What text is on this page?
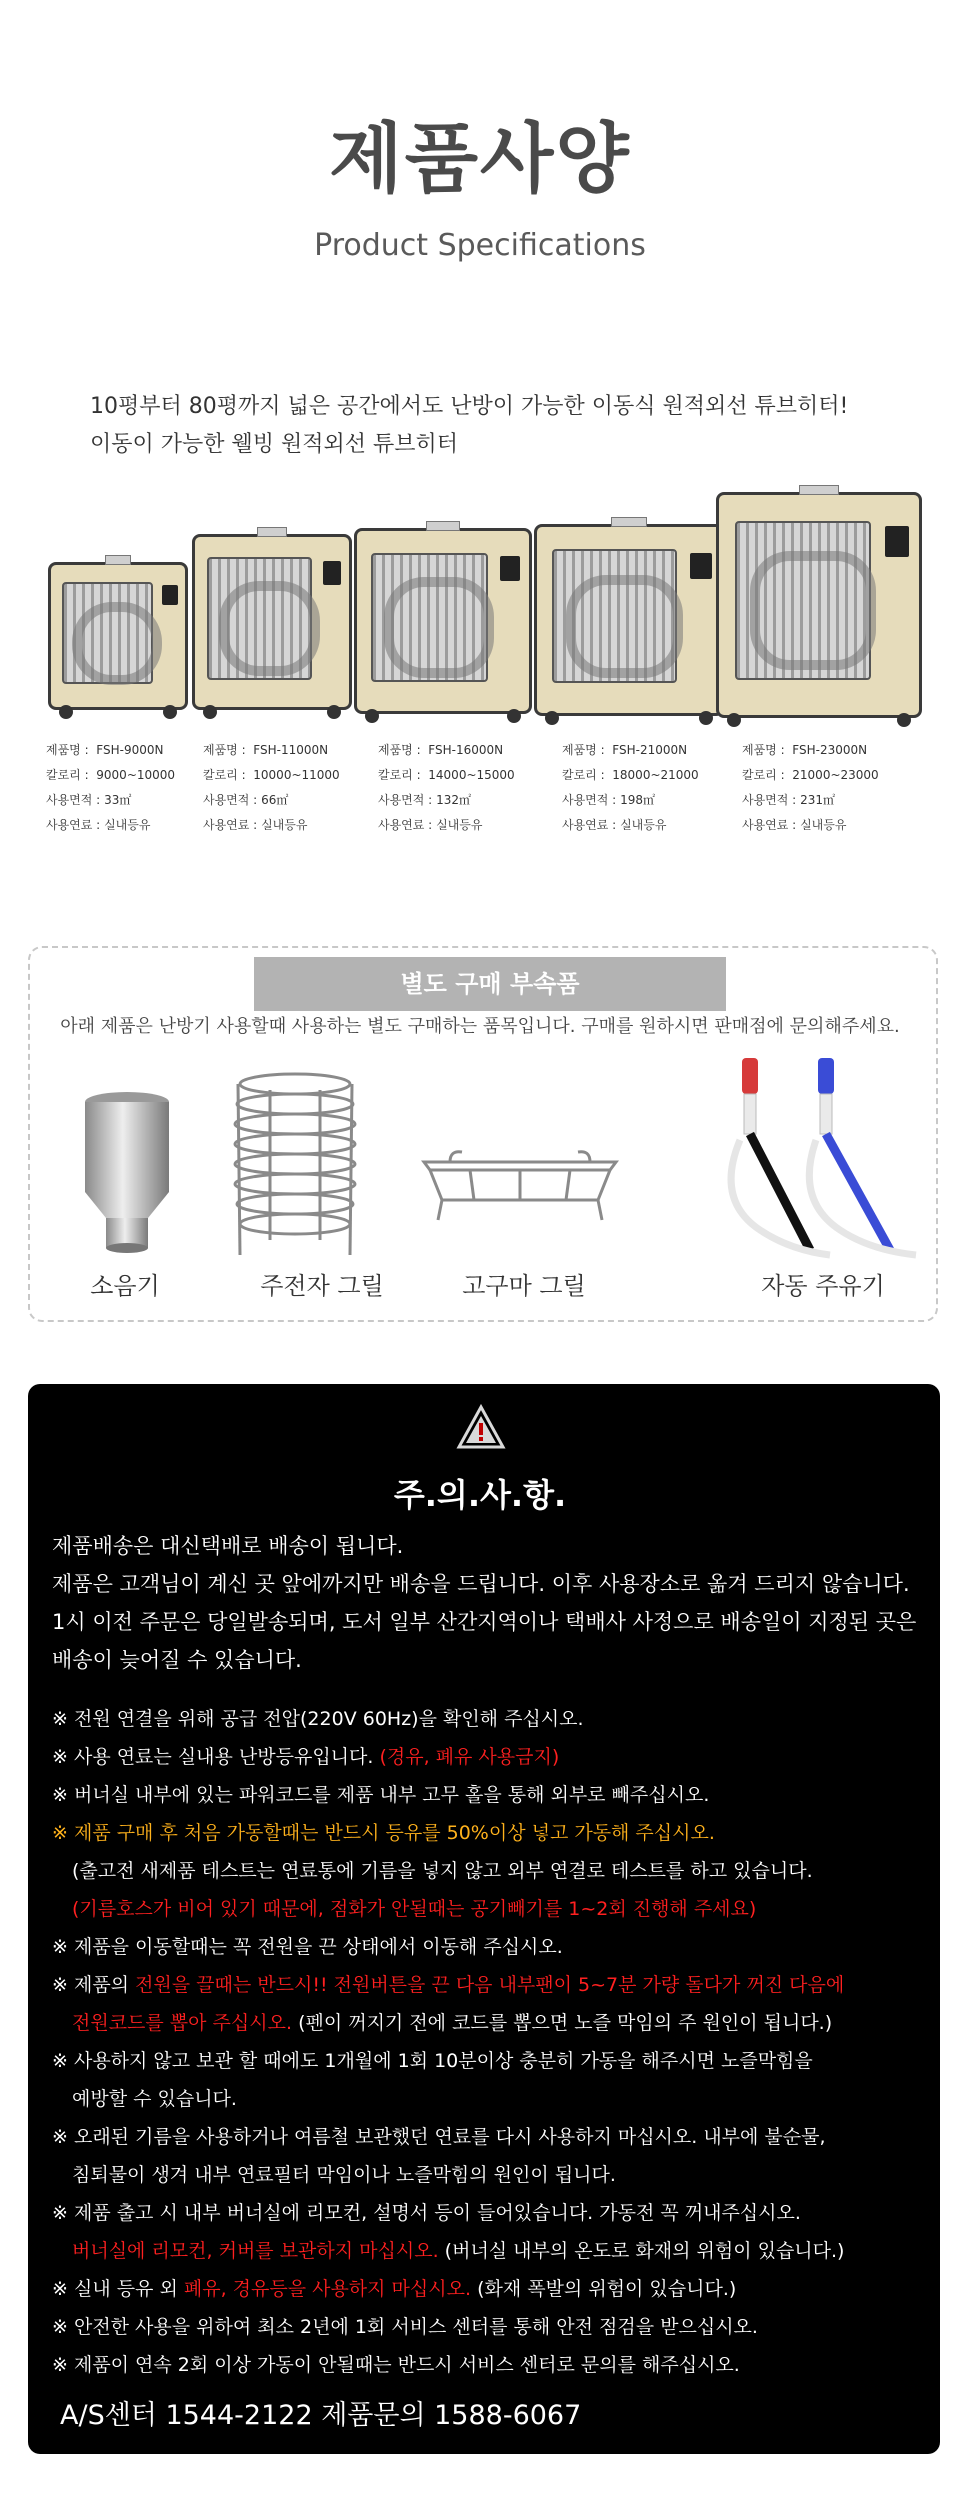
제품사양
Product Specifications
10평부터 80평까지 넓은 공간에서도 난방이 가능한 이동식 원적외선 튜브히터!
이동이 가능한 웰빙 원적외선 튜브히터
제품명 : FSH-9000N
칼로리 : 9000~10000
사용면적 : 33㎡
사용연료 : 실내등유
제품명 : FSH-11000N
칼로리 : 10000~11000
사용면적 : 66㎡
사용연료 : 실내등유
제품명 : FSH-16000N
칼로리 : 14000~15000
사용면적 : 132㎡
사용연료 : 실내등유
제품명 : FSH-21000N
칼로리 : 18000~21000
사용면적 : 198㎡
사용연료 : 실내등유
제품명 : FSH-23000N
칼로리 : 21000~23000
사용면적 : 231㎡
사용연료 : 실내등유
별도 구매 부속품
아래 제품은 난방기 사용할때 사용하는 별도 구매하는 품목입니다. 구매를 원하시면 판매점에 문의해주세요.
소음기	주전자 그릴	고구마 그릴	자동 주유기
주.의.사.항.
제품배송은 대신택배로 배송이 됩니다.
제품은 고객님이 계신 곳 앞에까지만 배송을 드립니다. 이후 사용장소로 옮겨 드리지 않습니다.
1시 이전 주문은 당일발송되며, 도서 일부 산간지역이나 택배사 사정으로 배송일이 지정된 곳은
배송이 늦어질 수 있습니다.
※ 전원 연결을 위해 공급 전압(220V 60Hz)을 확인해 주십시오.
※ 사용 연료는 실내용 난방등유입니다. (경유, 폐유 사용금지)
※ 버너실 내부에 있는 파워코드를 제품 내부 고무 홀을 통해 외부로 빼주십시오.
※ 제품 구매 후 처음 가동할때는 반드시 등유를 50%이상 넣고 가동해 주십시오.
(출고전 새제품 테스트는 연료통에 기름을 넣지 않고 외부 연결로 테스트를 하고 있습니다.
(기름호스가 비어 있기 때문에, 점화가 안될때는 공기빼기를 1~2회 진행해 주세요)
※ 제품을 이동할때는 꼭 전원을 끈 상태에서 이동해 주십시오.
※ 제품의 전원을 끌때는 반드시!! 전원버튼을 끈 다음 내부팬이 5~7분 가량 돌다가 꺼진 다음에
전원코드를 뽑아 주십시오. (펜이 꺼지기 전에 코드를 뽑으면 노즐 막임의 주 원인이 됩니다.)
※ 사용하지 않고 보관 할 때에도 1개월에 1회 10분이상 충분히 가동을 해주시면 노즐막힘을
예방할 수 있습니다.
※ 오래된 기름을 사용하거나 여름철 보관했던 연료를 다시 사용하지 마십시오. 내부에 불순물,
침퇴물이 생겨 내부 연료필터 막임이나 노즐막힘의 원인이 됩니다.
※ 제품 출고 시 내부 버너실에 리모컨, 설명서 등이 들어있습니다. 가동전 꼭 꺼내주십시오.
버너실에 리모컨, 커버를 보관하지 마십시오. (버너실 내부의 온도로 화재의 위험이 있습니다.)
※ 실내 등유 외 폐유, 경유등을 사용하지 마십시오. (화재 폭발의 위험이 있습니다.)
※ 안전한 사용을 위하여 최소 2년에 1회 서비스 센터를 통해 안전 점검을 받으십시오.
※ 제품이 연속 2회 이상 가동이 안될때는 반드시 서비스 센터로 문의를 해주십시오.
A/S센터 1544-2122 제품문의 1588-6067
